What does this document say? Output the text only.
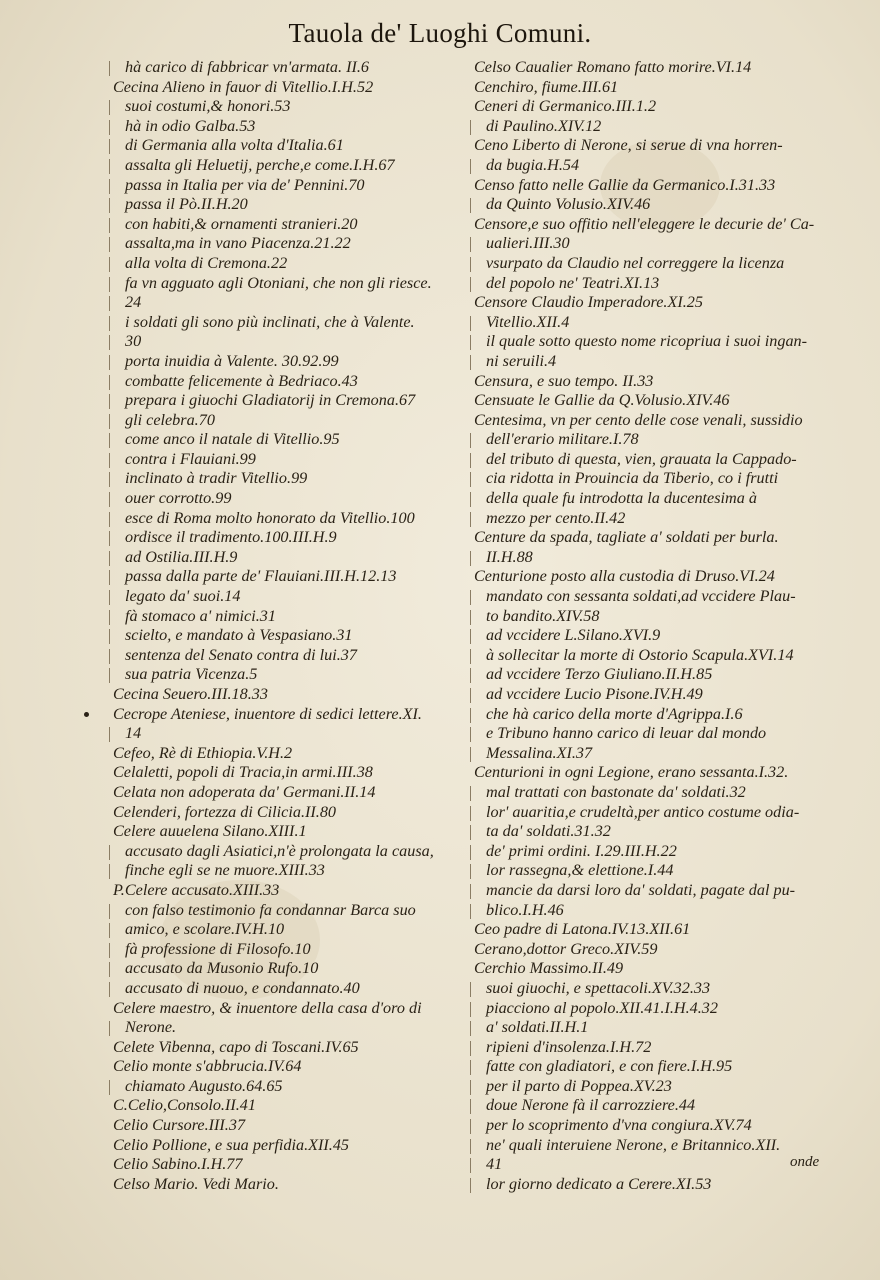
Tauola de' Luoghi Comuni.
hà carico di fabbricar vn'armata. II.6
Cecina Alieno in fauor di Vitellio.I.H.52
suoi costumi,& honori.53
hà in odio Galba.53
di Germania alla volta d'Italia.61
assalta gli Heluetij, perche,e come.I.H.67
passa in Italia per via de' Pennini.70
passa il Pò.II.H.20
con habiti,& ornamenti stranieri.20
assalta,ma in vano Piacenza.21.22
alla volta di Cremona.22
fa vn agguato agli Otoniani, che non gli riesce.
24
i soldati gli sono più inclinati, che à Valente.
30
porta inuidia à Valente. 30.92.99
combatte felicemente à Bedriaco.43
prepara i giuochi Gladiatorij in Cremona.67
gli celebra.70
come anco il natale di Vitellio.95
contra i Flauiani.99
inclinato à tradir Vitellio.99
ouer corrotto.99
esce di Roma molto honorato da Vitellio.100
ordisce il tradimento.100.III.H.9
ad Ostilia.III.H.9
passa dalla parte de' Flauiani.III.H.12.13
legato da' suoi.14
fà stomaco a' nimici.31
scielto, e mandato à Vespasiano.31
sentenza del Senato contra di lui.37
sua patria Vicenza.5
Cecina Seuero.III.18.33
Cecrope Ateniese, inuentore di sedici lettere.XI.
14
Cefeo, Rè di Ethiopia.V.H.2
Celaletti, popoli di Tracia,in armi.III.38
Celata non adoperata da' Germani.II.14
Celenderi, fortezza di Cilicia.II.80
Celere auuelena Silano.XIII.1
accusato dagli Asiatici,n'è prolongata la causa,
finche egli se ne muore.XIII.33
P.Celere accusato.XIII.33
con falso testimonio fa condannar Barca suo
amico, e scolare.IV.H.10
fà professione di Filosofo.10
accusato da Musonio Rufo.10
accusato di nuouo, e condannato.40
Celere maestro, & inuentore della casa d'oro di
Nerone.
Celete Vibenna, capo di Toscani.IV.65
Celio monte s'abbrucia.IV.64
chiamato Augusto.64.65
C.Celio,Consolo.II.41
Celio Cursore.III.37
Celio Pollione, e sua perfidia.XII.45
Celio Sabino.I.H.77
Celso Mario. Vedi Mario.
Celso Caualier Romano fatto morire.VI.14
Cenchiro, fiume.III.61
Ceneri di Germanico.III.1.2
di Paulino.XIV.12
Ceno Liberto di Nerone, si serue di vna horren-
da bugia.H.54
Censo fatto nelle Gallie da Germanico.I.31.33
da Quinto Volusio.XIV.46
Censore,e suo offitio nell'eleggere le decurie de' Ca-
ualieri.III.30
vsurpato da Claudio nel correggere la licenza
del popolo ne' Teatri.XI.13
Censore Claudio Imperadore.XI.25
Vitellio.XII.4
il quale sotto questo nome ricopriua i suoi ingan-
ni seruili.4
Censura, e suo tempo. II.33
Censuate le Gallie da Q.Volusio.XIV.46
Centesima, vn per cento delle cose venali, sussidio
dell'erario militare.I.78
del tributo di questa, vien, grauata la Cappado-
cia ridotta in Prouincia da Tiberio, co i frutti
della quale fu introdotta la ducentesima à
mezzo per cento.II.42
Centure da spada, tagliate a' soldati per burla.
II.H.88
Centurione posto alla custodia di Druso.VI.24
mandato con sessanta soldati,ad vccidere Plau-
to bandito.XIV.58
ad vccidere L.Silano.XVI.9
à sollecitar la morte di Ostorio Scapula.XVI.14
ad vccidere Terzo Giuliano.II.H.85
ad vccidere Lucio Pisone.IV.H.49
che hà carico della morte d'Agrippa.I.6
e Tribuno hanno carico di leuar dal mondo
Messalina.XI.37
Centurioni in ogni Legione, erano sessanta.I.32.
mal trattati con bastonate da' soldati.32
lor' auaritia,e crudeltà,per antico costume odia-
ta da' soldati.31.32
de' primi ordini. I.29.III.H.22
lor rassegna,& elettione.I.44
mancie da darsi loro da' soldati, pagate dal pu-
blico.I.H.46
Ceo padre di Latona.IV.13.XII.61
Cerano,dottor Greco.XIV.59
Cerchio Massimo.II.49
suoi giuochi, e spettacoli.XV.32.33
piacciono al popolo.XII.41.I.H.4.32
a' soldati.II.H.1
ripieni d'insolenza.I.H.72
fatte con gladiatori, e con fiere.I.H.95
per il parto di Poppea.XV.23
doue Nerone fà il carrozziere.44
per lo scoprimento d'vna congiura.XV.74
ne' quali interuiene Nerone, e Britannico.XII.
41
lor giorno dedicato a Cerere.XI.53
onde
